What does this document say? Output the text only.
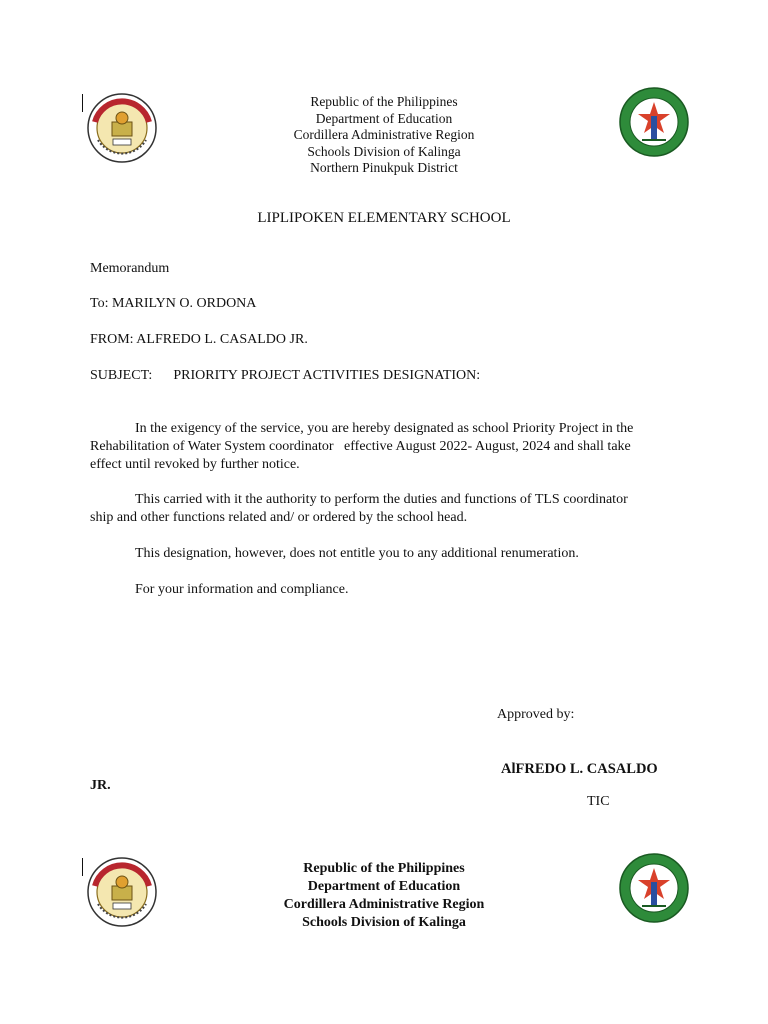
Republic of the Philippines
Department of Education
Cordillera Administrative Region
Schools Division of Kalinga
Northern Pinukpuk District
LIPLIPOKEN ELEMENTARY SCHOOL
Memorandum
To: MARILYN O. ORDONA
FROM: ALFREDO L. CASALDO JR.
SUBJECT: PRIORITY PROJECT ACTIVITIES DESIGNATION:
In the exigency of the service, you are hereby designated as school Priority Project in the
Rehabilitation of Water System coordinator   effective August 2022- August, 2024 and shall take
effect until revoked by further notice.
This carried with it the authority to perform the duties and functions of TLS coordinator
ship and other functions related and/ or ordered by the school head.
This designation, however, does not entitle you to any additional renumeration.
For your information and compliance.
Approved by:
AlFREDO L. CASALDO
JR.
TIC
Republic of the Philippines
Department of Education
Cordillera Administrative Region
Schools Division of Kalinga
